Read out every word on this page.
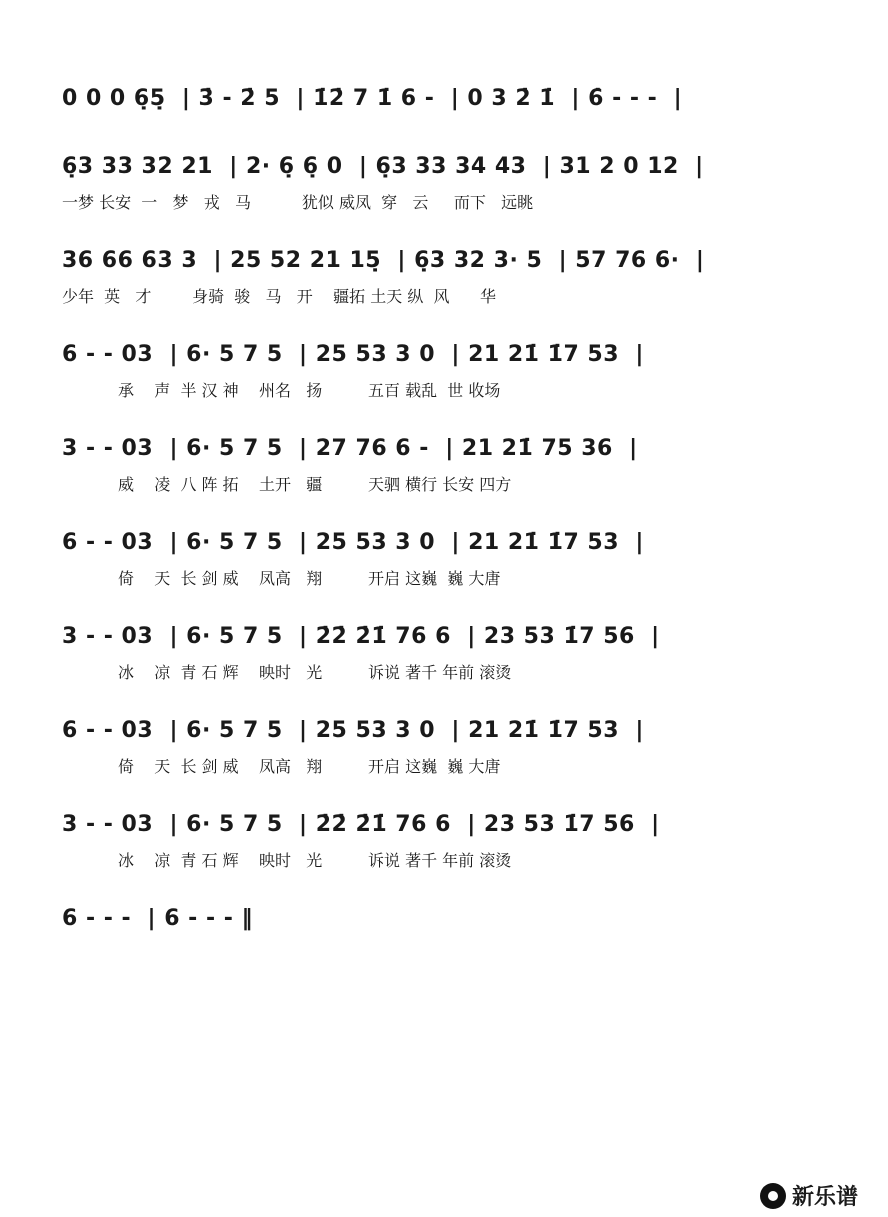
0 0 0 6̣5̣  | 3̇ - 2̇ 5  | 1̇2̇ 7 1̇ 6 -  | 0 3 2̇ 1̇  | 6̇ - - -  |
6̣3 33 32 21  | 2· 6̣ 6̣ 0  | 6̣3 33 34 43  | 31 2 0 12  |
一梦 长安  一   梦   戎   马          犹似 威凤  穿   云     而下   远眺
36 66 63 3  | 25 52 21 15̣  | 6̣3 32 3· 5  | 57 76 6·  |
少年  英   才        身骑  骏   马   开    疆拓 土天 纵  风      华
6 - - 03  | 6· 5 7 5  | 25 53 3 0  | 21 21̇ 1̇7 53  |
承    声  半 汉 神    州名   扬         五百 载乱  世 收场
3 - - 03  | 6· 5 7 5  | 27 76 6 -  | 21 21̇ 75 36  |
威    凌  八 阵 拓    土开   疆         天驷 横行 长安 四方
6 - - 03  | 6· 5 7 5  | 25 53 3 0  | 21 21̇ 1̇7 53  |
倚    天  长 剑 威    凤高   翔         开启 这巍  巍 大唐
3 - - 03  | 6· 5 7 5  | 2̇2̇ 2̇1̇ 76 6  | 23 53 1̇7 56  |
冰    凉  青 石 辉    映时   光         诉说 著千 年前 滚烫
6 - - 03  | 6· 5 7 5  | 25 53 3 0  | 21 21̇ 1̇7 53  |
倚    天  长 剑 威    凤高   翔         开启 这巍  巍 大唐
3 - - 03  | 6· 5 7 5  | 2̇2̇ 2̇1̇ 76 6  | 23 53 1̇7 56  |
冰    凉  青 石 辉    映时   光         诉说 著千 年前 滚烫
6 - - -  | 6 - - - ‖
新乐谱
